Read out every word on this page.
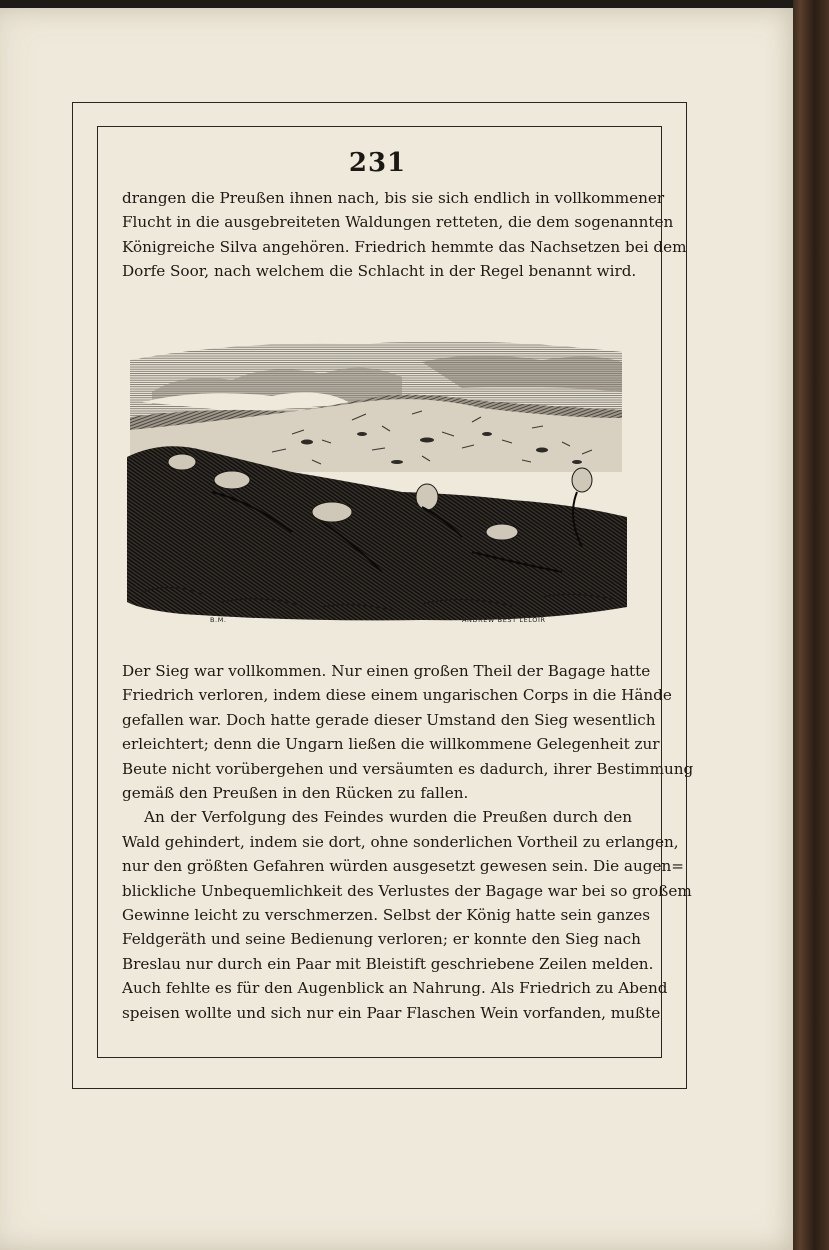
231
drangen die Preußen ihnen nach, bis sie sich endlich in vollkommener
Flucht in die ausgebreiteten Waldungen retteten, die dem sogenannten
Königreiche Silva angehören. Friedrich hemmte das Nachsetzen bei dem
Dorfe Soor, nach welchem die Schlacht in der Regel benannt wird.
B.M.	ANDREW BEST LELOIR
Der Sieg war vollkommen. Nur einen großen Theil der Bagage hatte
Friedrich verloren, indem diese einem ungarischen Corps in die Hände
gefallen war. Doch hatte gerade dieser Umstand den Sieg wesentlich
erleichtert; denn die Ungarn ließen die willkommene Gelegenheit zur
Beute nicht vorübergehen und versäumten es dadurch, ihrer Bestimmung
gemäß den Preußen in den Rücken zu fallen.
An der Verfolgung des Feindes wurden die Preußen durch den
Wald gehindert, indem sie dort, ohne sonderlichen Vortheil zu erlangen,
nur den größten Gefahren würden ausgesetzt gewesen sein. Die augen=
blickliche Unbequemlichkeit des Verlustes der Bagage war bei so großem
Gewinne leicht zu verschmerzen. Selbst der König hatte sein ganzes
Feldgeräth und seine Bedienung verloren; er konnte den Sieg nach
Breslau nur durch ein Paar mit Bleistift geschriebene Zeilen melden.
Auch fehlte es für den Augenblick an Nahrung. Als Friedrich zu Abend
speisen wollte und sich nur ein Paar Flaschen Wein vorfanden, mußte
